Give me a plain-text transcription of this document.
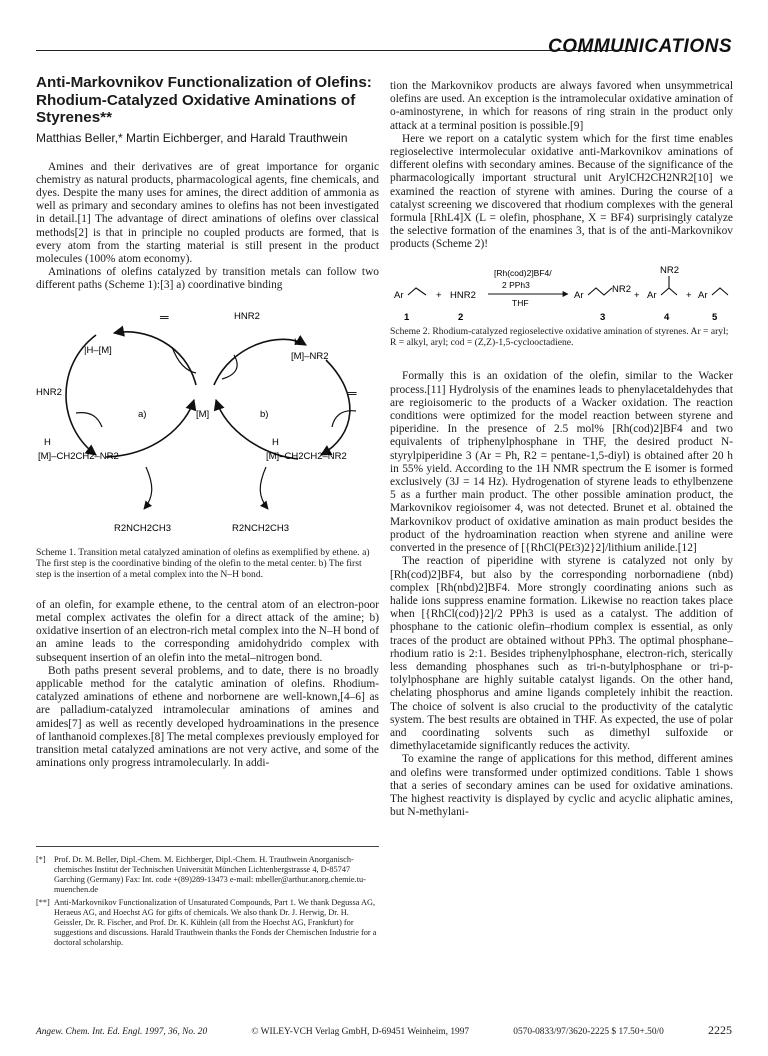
COMMUNICATIONS
Anti-Markovnikov Functionalization of Olefins: Rhodium-Catalyzed Oxidative Aminations of Styrenes**
Matthias Beller,* Martin Eichberger, and Harald Trauthwein

Amines and their derivatives are of great importance for organic chemistry as natural products, pharmacological agents, fine chemicals, and dyes. Despite the many uses for amines, the direct addition of ammonia as well as primary and secondary amines to olefins has not been investigated in detail.[1] The advantage of direct aminations of olefins over classical methods[2] is that in principle no coupled products are formed, that is every atom from the starting material is still present in the product molecules (100% atom economy).

Aminations of olefins catalyzed by transition metals can follow two different paths (Scheme 1):[3] a) coordinative binding

═	HNR2
H
[M]–NR2
|H–[M]
HNR2
a)	[M]	b)
═
H
[M]–CH2CH2–NR2
H
[M]–CH2CH2–NR2
R2NCH2CH3	R2NCH2CH3
Scheme 1. Transition metal catalyzed amination of olefins as exemplified by ethene. a) The first step is the coordinative binding of the olefin to the metal center. b) The first step is the insertion of a metal complex into the N–H bond.

of an olefin, for example ethene, to the central atom of an electron-poor metal complex activates the olefin for a direct attack of the amine; b) oxidative insertion of an electron-rich metal complex into the N–H bond of an amine leads to the corresponding amidohydrido complex with subsequent insertion of an olefin into the metal–nitrogen bond.

Both paths present several problems, and to date, there is no broadly applicable method for the catalytic amination of olefins. Rhodium-catalyzed aminations of ethene and norbornene are well-known,[4–6] as are palladium-catalyzed intramolecular aminations of amines and amides[7] as well as recently developed hydroaminations in the presence of lanthanoid complexes.[8] The metal complexes previously employed for transition metal catalyzed aminations are not very active, and some of the aminations only progress intramolecularly. In addi-

[*]	Prof. Dr. M. Beller, Dipl.-Chem. M. Eichberger, Dipl.-Chem. H. Trauthwein Anorganisch-chemisches Institut der Technischen Universität München Lichtenbergstrasse 4, D-85747 Garching (Germany) Fax: Int. code +(89)289-13473 e-mail: mbeller@arthur.anorg.chemie.tu-muenchen.de
[**] Anti-Markovnikov Functionalization of Unsaturated Compounds, Part 1. We thank Degussa AG, Heraeus AG, and Hoechst AG for gifts of chemicals. We also thank Dr. J. Herwig, Dr. H. Geissler, Dr. R. Fischer, and Prof. Dr. K. Kühlein (all from the Hoechst AG, Frankfurt) for suggestions and discussions. Harald Trauthwein thanks the Fonds der Chemischen Industrie for a doctoral scholarship.

tion the Markovnikov products are always favored when unsymmetrical olefins are used. An exception is the intramolecular oxidative amination of o-aminostyrene, in which for reasons of ring strain in the product only attack at a terminal position is possible.[9]

Here we report on a catalytic system which for the first time enables regioselective intermolecular oxidative anti-Markovnikov aminations of different olefins with secondary amines. Because of the significance of the pharmacologically important structural unit ArylCH2CH2NR2[10] we examined the reaction of styrene with amines. During the course of a catalyst screening we discovered that rhodium complexes with the general formula [RhL4]X (L = olefin, phosphane, X = BF4) surprisingly catalyze the selective formation of the enamines 3, that is of the anti-Markovnikov products (Scheme 2)!

Ar	+ HNR2
[Rh(cod)2]BF4/
2 PPh3
THF
Ar
NR2
+ Ar
NR2
+ Ar
1	2	3	4	5
Scheme 2. Rhodium-catalyzed regioselective oxidative amination of styrenes. Ar = aryl; R = alkyl, aryl; cod = (Z,Z)-1,5-cyclooctadiene.

Formally this is an oxidation of the olefin, similar to the Wacker process.[11] Hydrolysis of the enamines leads to phenylacetaldehydes that are regioisomeric to the products of a Wacker oxidation. The reaction conditions were optimized for the model reaction between styrene and piperidine. In the presence of 2.5 mol% [Rh(cod)2]BF4 and two equivalents of triphenylphosphane in THF, the desired product N-styrylpiperidine 3 (Ar = Ph, R2 = pentane-1,5-diyl) is obtained after 20 h in 55% yield. According to the 1H NMR spectrum the E isomer is formed exclusively (3J = 14 Hz). Hydrogenation of styrene leads to ethylbenzene 5 as a further main product. The other possible amination product, the Markovnikov regioisomer 4, was not detected. Brunet et al. obtained the Markovnikov product of oxidative amination as main product besides the product of the hydroamination reaction when styrene and aniline were converted in the presence of [{RhCl(PEt3)2}2]/lithium anilide.[12]

The reaction of piperidine with styrene is catalyzed not only by [Rh(cod)2]BF4, but also by the corresponding norbornadiene (nbd) complex [Rh(nbd)2]BF4. More strongly coordinating anions such as halide ions suppress enamine formation. Likewise no reaction takes place when [{RhCl(cod)}2]/2 PPh3 is used as a catalyst. The addition of phosphane to the cationic olefin–rhodium complex is essential, as only traces of the product are obtained without PPh3. The optimal phosphane–rhodium ratio is 2:1. Besides triphenylphosphane, electron-rich, sterically less demanding phosphanes such as tri-n-butylphosphane or tri-p-tolylphosphane are highly suitable catalyst ligands. On the other hand, chelating phosphorus and amine ligands completely inhibit the reaction. The choice of solvent is also crucial to the productivity of the catalytic system. The best results are obtained in THF. As expected, the use of polar and coordinating solvents such as dimethyl sulfoxide or dimethylacetamide significantly reduces the activity.

To examine the range of applications for this method, different amines and olefins were transformed under optimized conditions. Table 1 shows that a series of secondary amines can be used for oxidative aminations. The highest reactivity is displayed by cyclic and acyclic aliphatic amines, but N-methylani-

Angew. Chem. Int. Ed. Engl. 1997, 36, No. 20	© WILEY-VCH Verlag GmbH, D-69451 Weinheim, 1997	0570-0833/97/3620-2225 $ 17.50+.50/0	2225
